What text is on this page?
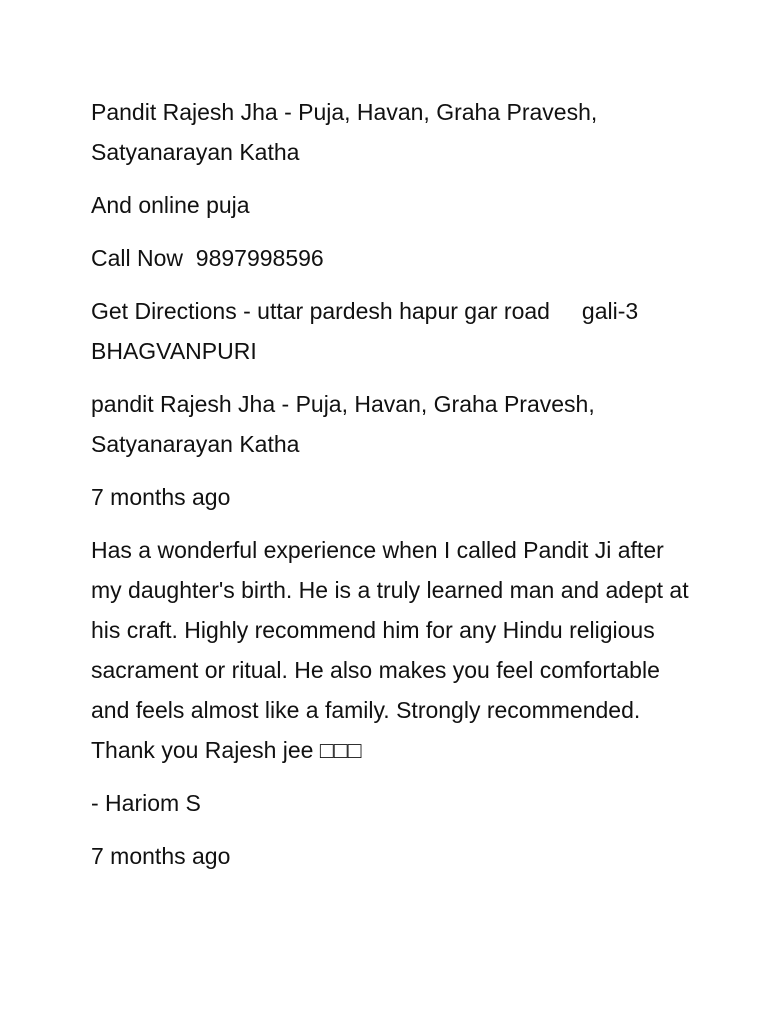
Pandit Rajesh Jha - Puja, Havan, Graha Pravesh, Satyanarayan Katha

And online puja

Call Now  9897998596

Get Directions - uttar pardesh hapur gar road     gali-3 BHAGVANPURI

pandit Rajesh Jha - Puja, Havan, Graha Pravesh, Satyanarayan Katha

7 months ago

Has a wonderful experience when I called Pandit Ji after my daughter's birth. He is a truly learned man and adept at his craft. Highly recommend him for any Hindu religious sacrament or ritual. He also makes you feel comfortable and feels almost like a family. Strongly recommended. Thank you Rajesh jee □□□

- Hariom S

7 months ago
